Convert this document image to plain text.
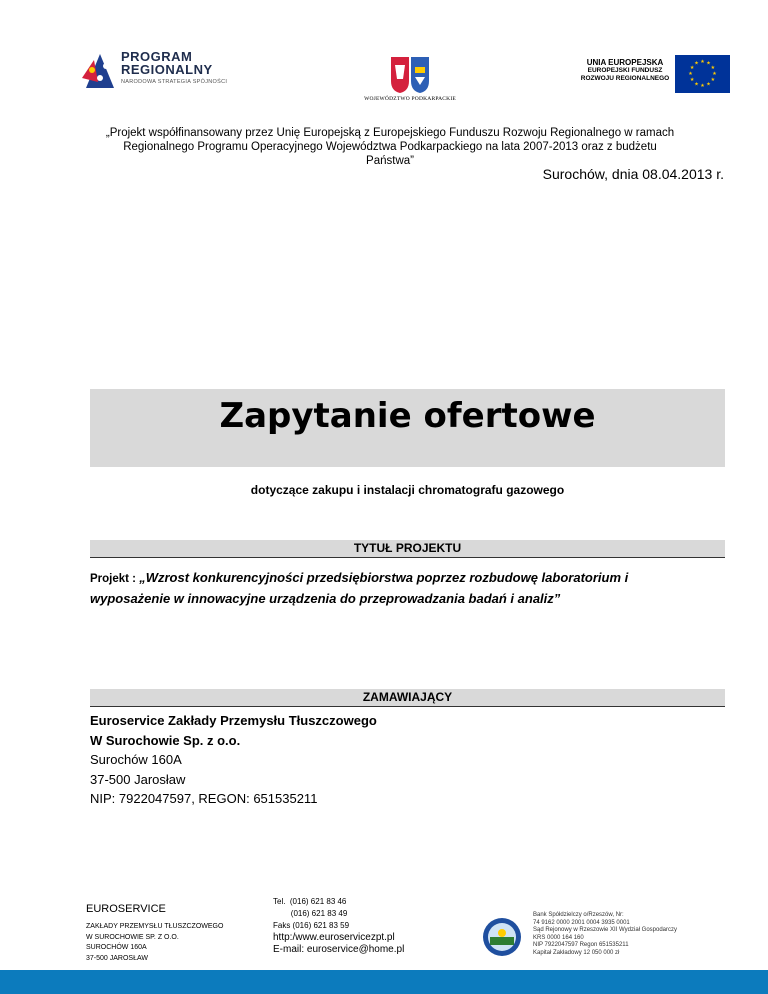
PROGRAM
REGIONALNY
NARODOWA STRATEGIA SPÓJNOŚCI
WOJEWÓDZTWO PODKARPACKIE
UNIA EUROPEJSKA
EUROPEJSKI FUNDUSZ
ROZWOJU REGIONALNEGO
★ ★
★
★
★
★
★
★
★
★
★
★
„Projekt współfinansowany przez Unię Europejską z Europejskiego Funduszu Rozwoju Regionalnego w ramach Regionalnego Programu Operacyjnego Województwa Podkarpackiego na lata 2007-2013 oraz z budżetu Państwa”
Surochów, dnia 08.04.2013 r.
Zapytanie ofertowe
dotyczące zakupu i instalacji chromatografu gazowego
TYTUŁ PROJEKTU
Projekt : „Wzrost konkurencyjności przedsiębiorstwa poprzez rozbudowę laboratorium i wyposażenie w innowacyjne urządzenia do przeprowadzania badań i analiz”
ZAMAWIAJĄCY
Euroservice Zakłady Przemysłu Tłuszczowego
W Surochowie Sp. z o.o.
Surochów 160A
37-500 Jarosław
NIP: 7922047597, REGON: 651535211
EUROSERVICE
ZAKŁADY PRZEMYSŁU TŁUSZCZOWEGO
W SUROCHOWIE SP. Z O.O.
SUROCHÓW 160A
37-500 JAROSŁAW
Tel.  (016) 621 83 46
(016) 621 83 49
Faks (016) 621 83 59
http:/www.euroservicezpt.pl
E-mail: euroservice@home.pl
Bank Spółdzielczy o/Rzeszów, Nr:
74 9162 0000 2001 0004 3935 0001
Sąd Rejonowy w Rzeszowie XII Wydział Gospodarczy
KRS 0000 164 160
NIP 7922047597 Regon 651535211
Kapitał Zakładowy 12 050 000 zł
